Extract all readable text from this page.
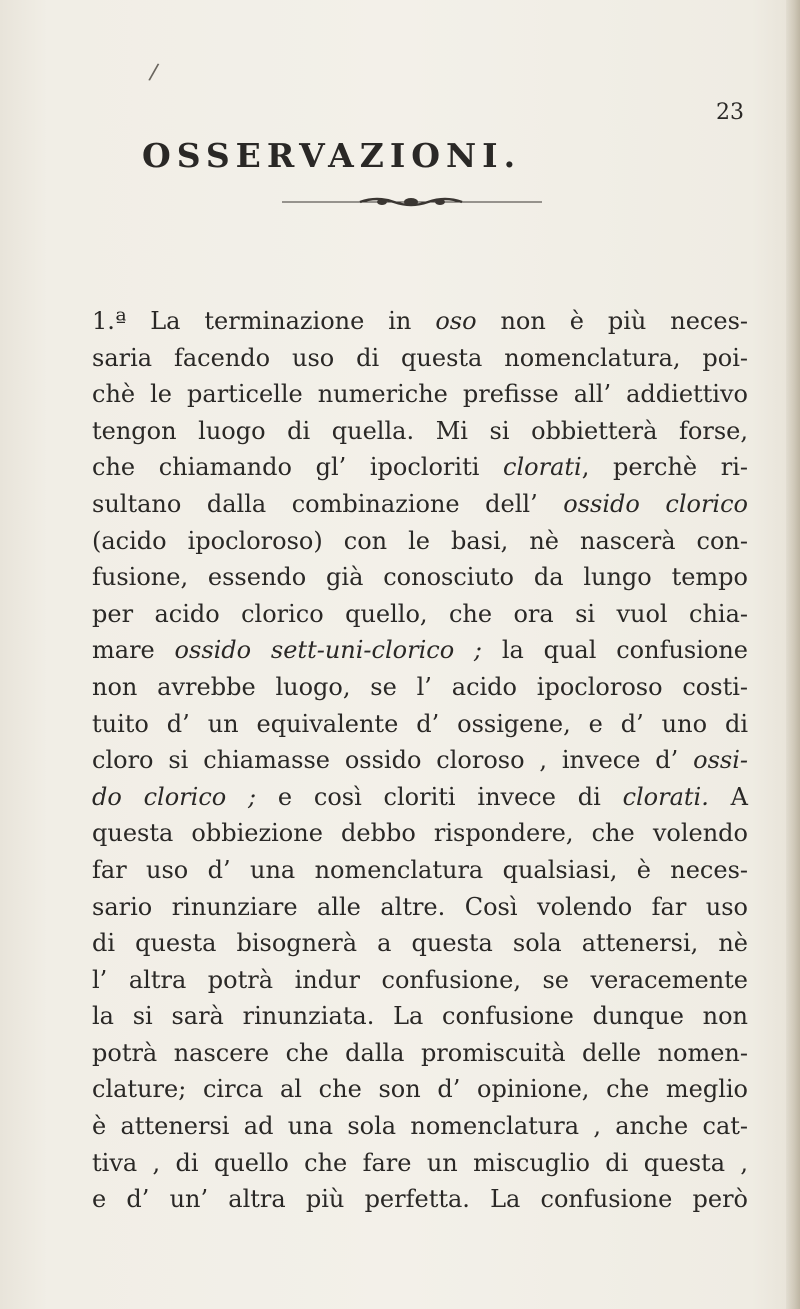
/
23
OSSERVAZIONI.
1.ª La terminazione in oso non è più neces-
saria facendo uso di questa nomenclatura, poi-
chè le particelle numeriche prefisse all’ addiettivo
tengon luogo di quella. Mi si obbietterà forse,
che chiamando gl’ ipocloriti clorati, perchè ri-
sultano dalla combinazione dell’ ossido clorico
(acido ipocloroso) con le basi, nè nascerà con-
fusione, essendo già conosciuto da lungo tempo
per acido clorico quello, che ora si vuol chia-
mare ossido sett-uni-clorico ; la qual confusione
non avrebbe luogo, se l’ acido ipocloroso costi-
tuito d’ un equivalente d’ ossigene, e d’ uno di
cloro si chiamasse ossido cloroso , invece d’ ossi-
do clorico ; e così cloriti invece di clorati. A
questa obbiezione debbo rispondere, che volendo
far uso d’ una nomenclatura qualsiasi, è neces-
sario rinunziare alle altre. Così volendo far uso
di questa bisognerà a questa sola attenersi, nè
l’ altra potrà indur confusione, se veracemente
la si sarà rinunziata. La confusione dunque non
potrà nascere che dalla promiscuità delle nomen-
clature; circa al che son d’ opinione, che meglio
è attenersi ad una sola nomenclatura , anche cat-
tiva , di quello che fare un miscuglio di questa ,
e d’ un’ altra più perfetta. La confusione però
